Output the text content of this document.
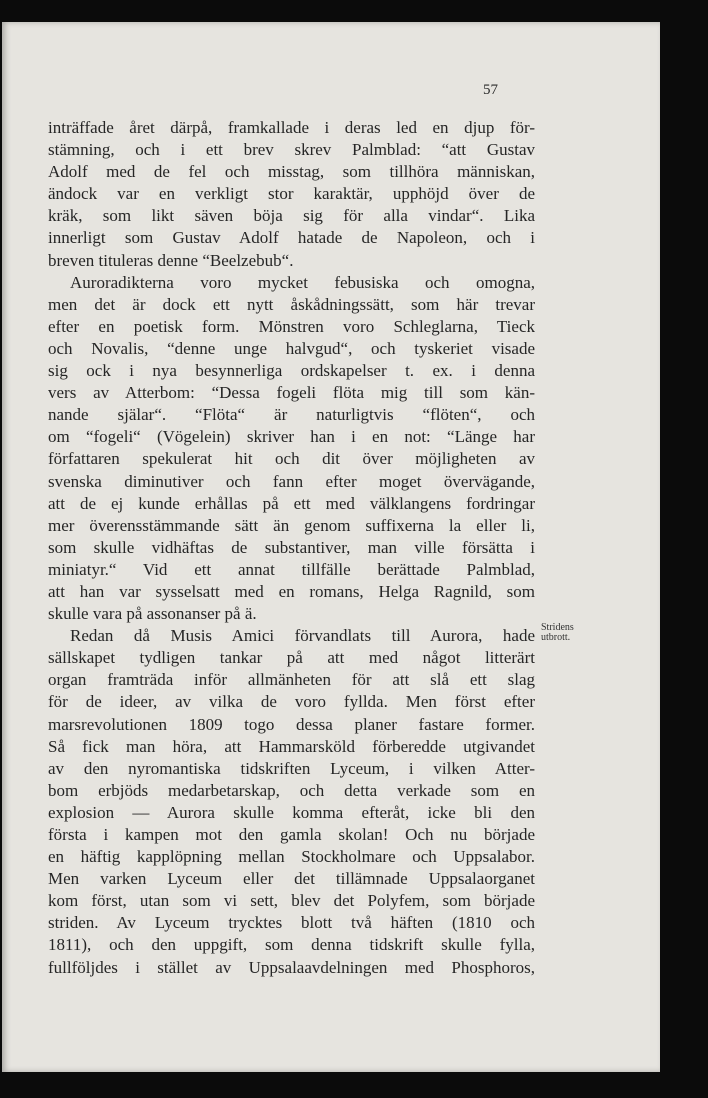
57
inträffade året därpå, framkallade i deras led en djup för-
stämning, och i ett brev skrev Palmblad: “att Gustav
Adolf med de fel och misstag, som tillhöra människan,
ändock var en verkligt stor karaktär, upphöjd över de
kräk, som likt säven böja sig för alla vindar“. Lika
innerligt som Gustav Adolf hatade de Napoleon, och i
breven tituleras denne “Beelzebub“.
Auroradikterna voro mycket febusiska och omogna,
men det är dock ett nytt åskådningssätt, som här trevar
efter en poetisk form. Mönstren voro Schleglarna, Tieck
och Novalis, “denne unge halvgud“, och tyskeriet visade
sig ock i nya besynnerliga ordskapelser t. ex. i denna
vers av Atterbom: “Dessa fogeli flöta mig till som kän-
nande själar“. “Flöta“ är naturligtvis “flöten“, och
om “fogeli“ (Vögelein) skriver han i en not: “Länge har
författaren spekulerat hit och dit över möjligheten av
svenska diminutiver och fann efter moget övervägande,
att de ej kunde erhållas på ett med välklangens fordringar
mer överensstämmande sätt än genom suffixerna la eller li,
som skulle vidhäftas de substantiver, man ville försätta i
miniatyr.“ Vid ett annat tillfälle berättade Palmblad,
att han var sysselsatt med en romans, Helga Ragnild, som
skulle vara på assonanser på ä.
Redan då Musis Amici förvandlats till Aurora, hade
sällskapet tydligen tankar på att med något litterärt
organ framträda inför allmänheten för att slå ett slag
för de ideer, av vilka de voro fyllda. Men först efter
marsrevolutionen 1809 togo dessa planer fastare former.
Så fick man höra, att Hammarsköld förberedde utgivandet
av den nyromantiska tidskriften Lyceum, i vilken Atter-
bom erbjöds medarbetarskap, och detta verkade som en
explosion — Aurora skulle komma efteråt, icke bli den
första i kampen mot den gamla skolan! Och nu började
en häftig kapplöpning mellan Stockholmare och Uppsalabor.
Men varken Lyceum eller det tillämnade Uppsalaorganet
kom först, utan som vi sett, blev det Polyfem, som började
striden. Av Lyceum trycktes blott två häften (1810 och
1811), och den uppgift, som denna tidskrift skulle fylla,
fullföljdes i stället av Uppsalaavdelningen med Phosphoros,
Stridens
utbrott.
